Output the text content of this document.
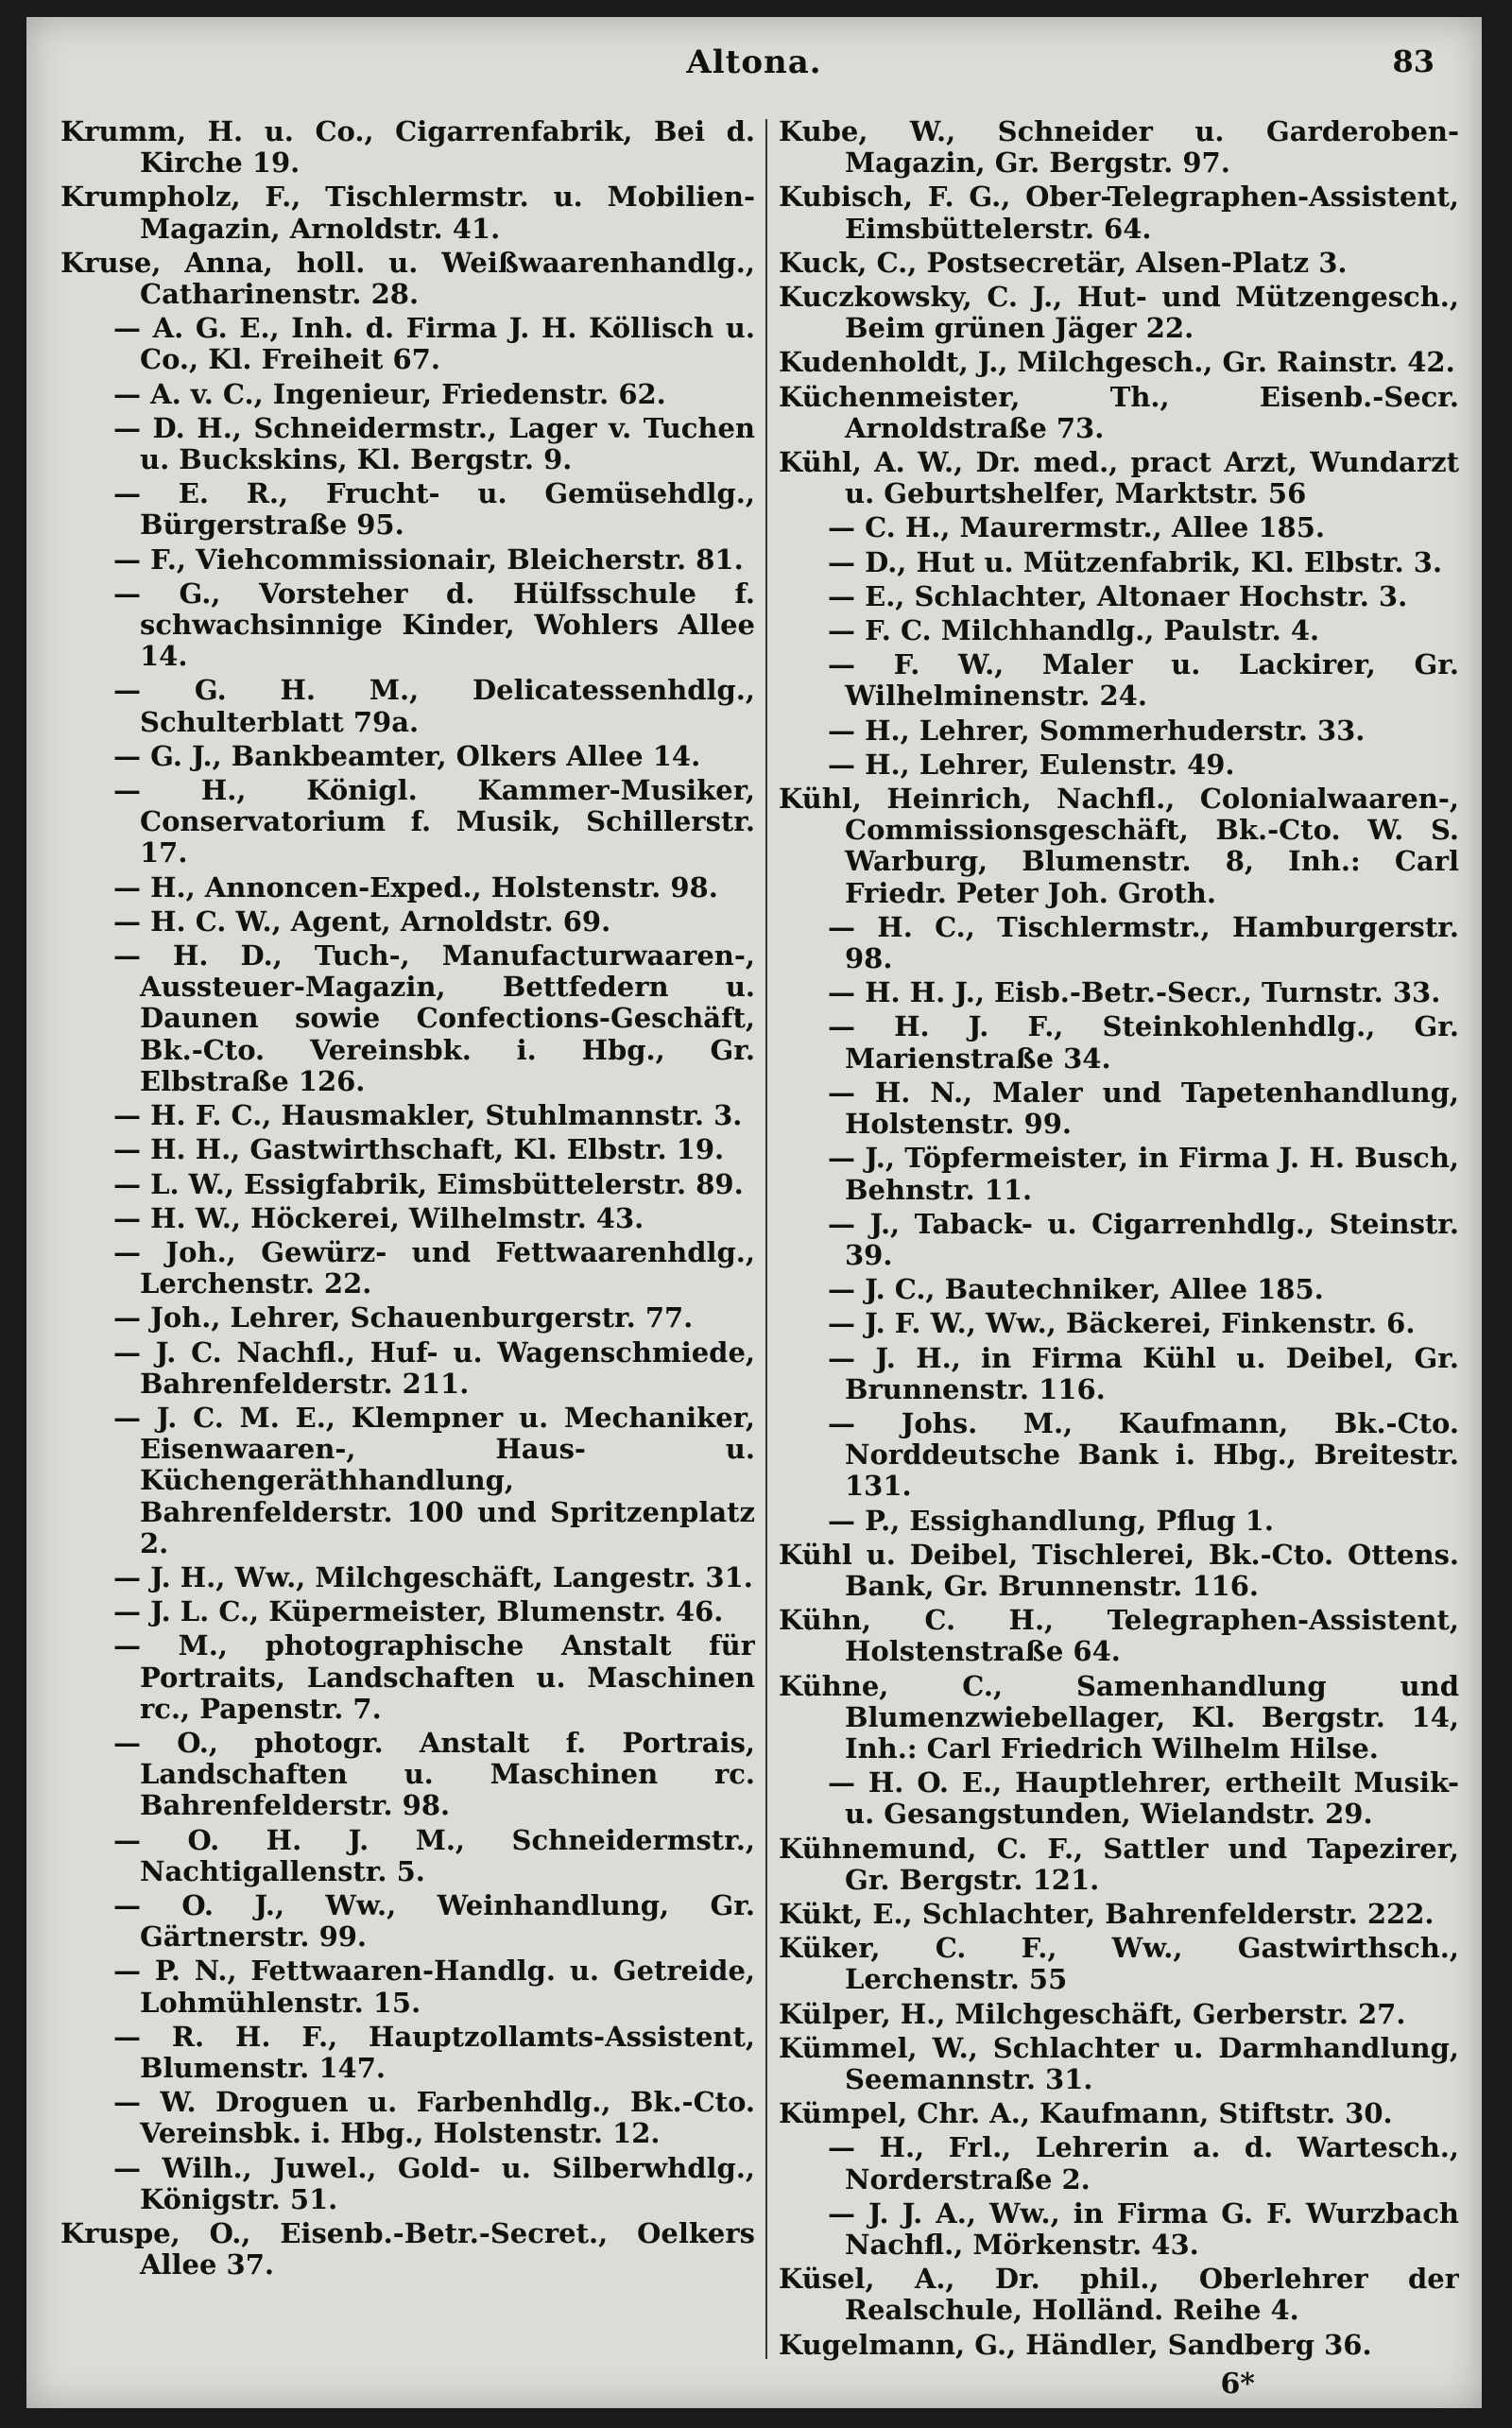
Altona.	83

Krumm, H. u. Co., Cigarrenfabrik, Bei d. Kirche 19.

Krumpholz, F., Tischlermstr. u. Mobilien-Magazin, Arnoldstr. 41.

Kruse, Anna, holl. u. Weißwaarenhandlg., Catharinenstr. 28.

— A. G. E., Inh. d. Firma J. H. Köllisch u. Co., Kl. Freiheit 67.

— A. v. C., Ingenieur, Friedenstr. 62.

— D. H., Schneidermstr., Lager v. Tuchen u. Buckskins, Kl. Bergstr. 9.

— E. R., Frucht- u. Gemüsehdlg., Bürgerstraße 95.

— F., Viehcommissionair, Bleicherstr. 81.

— G., Vorsteher d. Hülfsschule f. schwachsinnige Kinder, Wohlers Allee 14.

— G. H. M., Delicatessenhdlg., Schulterblatt 79a.

— G. J., Bankbeamter, Olkers Allee 14.

— H., Königl. Kammer-Musiker, Conservatorium f. Musik, Schillerstr. 17.

— H., Annoncen-Exped., Holstenstr. 98.

— H. C. W., Agent, Arnoldstr. 69.

— H. D., Tuch-, Manufacturwaaren-, Aussteuer-Magazin, Bettfedern u. Daunen sowie Confections-Geschäft, Bk.-Cto. Vereinsbk. i. Hbg., Gr. Elbstraße 126.

— H. F. C., Hausmakler, Stuhlmannstr. 3.

— H. H., Gastwirthschaft, Kl. Elbstr. 19.

— L. W., Essigfabrik, Eimsbüttelerstr. 89.

— H. W., Höckerei, Wilhelmstr. 43.

— Joh., Gewürz- und Fettwaarenhdlg., Lerchenstr. 22.

— Joh., Lehrer, Schauenburgerstr. 77.

— J. C. Nachfl., Huf- u. Wagenschmiede, Bahrenfelderstr. 211.

— J. C. M. E., Klempner u. Mechaniker, Eisenwaaren-, Haus- u. Küchengeräthhandlung, Bahrenfelderstr. 100 und Spritzenplatz 2.

— J. H., Ww., Milchgeschäft, Langestr. 31.

— J. L. C., Küpermeister, Blumenstr. 46.

— M., photographische Anstalt für Portraits, Landschaften u. Maschinen rc., Papenstr. 7.

— O., photogr. Anstalt f. Portrais, Landschaften u. Maschinen rc. Bahrenfelderstr. 98.

— O. H. J. M., Schneidermstr., Nachtigallenstr. 5.

— O. J., Ww., Weinhandlung, Gr. Gärtnerstr. 99.

— P. N., Fettwaaren-Handlg. u. Getreide, Lohmühlenstr. 15.

— R. H. F., Hauptzollamts-Assistent, Blumenstr. 147.

— W. Droguen u. Farbenhdlg., Bk.-Cto. Vereinsbk. i. Hbg., Holstenstr. 12.

— Wilh., Juwel., Gold- u. Silberwhdlg., Königstr. 51.

Kruspe, O., Eisenb.-Betr.-Secret., Oelkers Allee 37.

Kube, W., Schneider u. Garderoben-Magazin, Gr. Bergstr. 97.

Kubisch, F. G., Ober-Telegraphen-Assistent, Eimsbüttelerstr. 64.

Kuck, C., Postsecretär, Alsen-Platz 3.

Kuczkowsky, C. J., Hut- und Mützengesch., Beim grünen Jäger 22.

Kudenholdt, J., Milchgesch., Gr. Rainstr. 42.

Küchenmeister, Th., Eisenb.-Secr. Arnoldstraße 73.

Kühl, A. W., Dr. med., pract Arzt, Wundarzt u. Geburtshelfer, Marktstr. 56

— C. H., Maurermstr., Allee 185.

— D., Hut u. Mützenfabrik, Kl. Elbstr. 3.

— E., Schlachter, Altonaer Hochstr. 3.

— F. C. Milchhandlg., Paulstr. 4.

— F. W., Maler u. Lackirer, Gr. Wilhelminenstr. 24.

— H., Lehrer, Sommerhuderstr. 33.

— H., Lehrer, Eulenstr. 49.

Kühl, Heinrich, Nachfl., Colonialwaaren-, Commissionsgeschäft, Bk.-Cto. W. S. Warburg, Blumenstr. 8, Inh.: Carl Friedr. Peter Joh. Groth.

— H. C., Tischlermstr., Hamburgerstr. 98.

— H. H. J., Eisb.-Betr.-Secr., Turnstr. 33.

— H. J. F., Steinkohlenhdlg., Gr. Marienstraße 34.

— H. N., Maler und Tapetenhandlung, Holstenstr. 99.

— J., Töpfermeister, in Firma J. H. Busch, Behnstr. 11.

— J., Taback- u. Cigarrenhdlg., Steinstr. 39.

— J. C., Bautechniker, Allee 185.

— J. F. W., Ww., Bäckerei, Finkenstr. 6.

— J. H., in Firma Kühl u. Deibel, Gr. Brunnenstr. 116.

— Johs. M., Kaufmann, Bk.-Cto. Norddeutsche Bank i. Hbg., Breitestr. 131.

— P., Essighandlung, Pflug 1.

Kühl u. Deibel, Tischlerei, Bk.-Cto. Ottens. Bank, Gr. Brunnenstr. 116.

Kühn, C. H., Telegraphen-Assistent, Holstenstraße 64.

Kühne, C., Samenhandlung und Blumenzwiebellager, Kl. Bergstr. 14, Inh.: Carl Friedrich Wilhelm Hilse.

— H. O. E., Hauptlehrer, ertheilt Musik- u. Gesangstunden, Wielandstr. 29.

Kühnemund, C. F., Sattler und Tapezirer, Gr. Bergstr. 121.

Kükt, E., Schlachter, Bahrenfelderstr. 222.

Küker, C. F., Ww., Gastwirthsch., Lerchenstr. 55

Külper, H., Milchgeschäft, Gerberstr. 27.

Kümmel, W., Schlachter u. Darmhandlung, Seemannstr. 31.

Kümpel, Chr. A., Kaufmann, Stiftstr. 30.

— H., Frl., Lehrerin a. d. Wartesch., Norderstraße 2.

— J. J. A., Ww., in Firma G. F. Wurzbach Nachfl., Mörkenstr. 43.

Küsel, A., Dr. phil., Oberlehrer der Realschule, Holländ. Reihe 4.

Kugelmann, G., Händler, Sandberg 36.

6*
